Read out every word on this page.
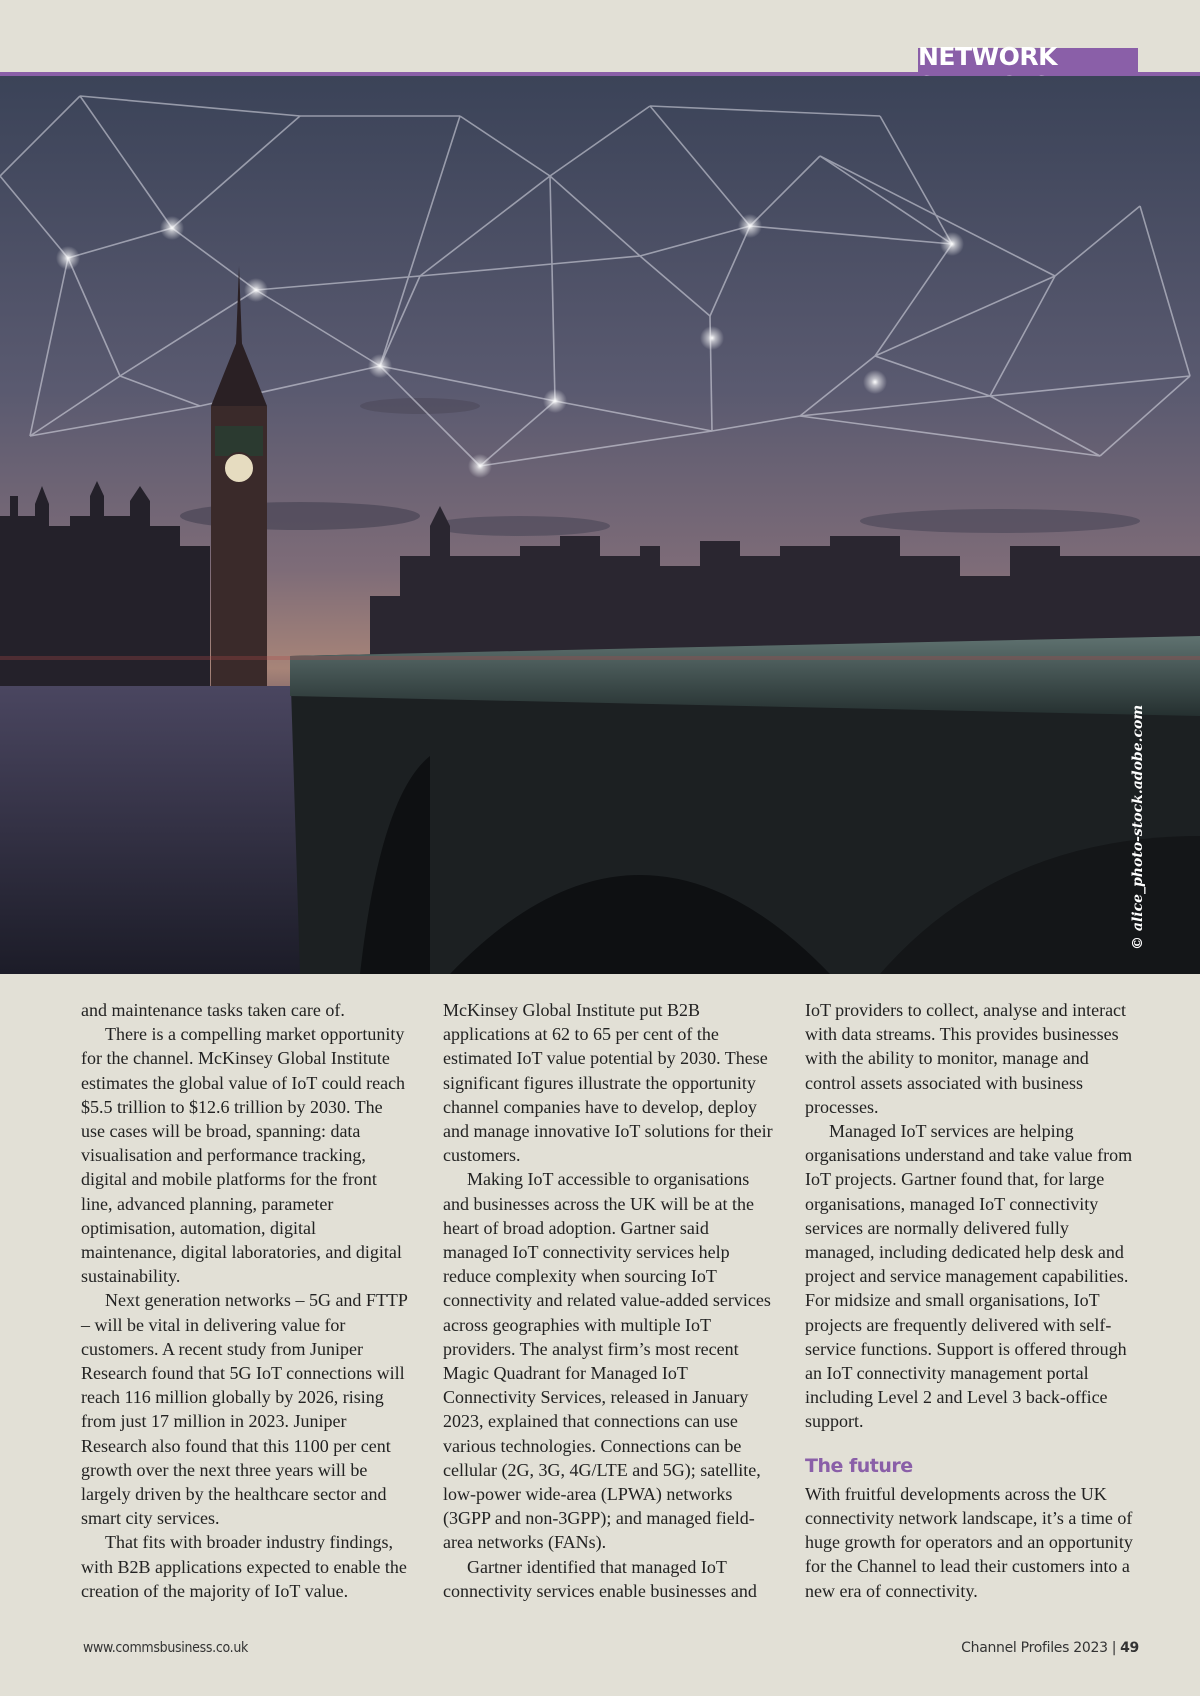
NETWORK
© alice_photo-stock.adobe.com

and maintenance tasks taken care of.

There is a compelling market opportunity for the channel. McKinsey Global Institute estimates the global value of IoT could reach $5.5 trillion to $12.6 trillion by 2030. The use cases will be broad, spanning: data visualisation and performance tracking, digital and mobile platforms for the front line, advanced planning, parameter optimisation, automation, digital maintenance, digital laboratories, and digital sustainability.

Next generation networks – 5G and FTTP – will be vital in delivering value for customers. A recent study from Juniper Research found that 5G IoT connections will reach 116 million globally by 2026, rising from just 17 million in 2023. Juniper Research also found that this 1100 per cent growth over the next three years will be largely driven by the healthcare sector and smart city services.

That fits with broader industry findings, with B2B applications expected to enable the creation of the majority of IoT value.

McKinsey Global Institute put B2B applications at 62 to 65 per cent of the estimated IoT value potential by 2030. These significant figures illustrate the opportunity channel companies have to develop, deploy and manage innovative IoT solutions for their customers.

Making IoT accessible to organisations and businesses across the UK will be at the heart of broad adoption. Gartner said managed IoT connectivity services help reduce complexity when sourcing IoT connectivity and related value-added services across geographies with multiple IoT providers. The analyst firm’s most recent Magic Quadrant for Managed IoT Connectivity Services, released in January 2023, explained that connections can use various technologies. Connections can be cellular (2G, 3G, 4G/LTE and 5G); satellite, low-power wide-area (LPWA) networks (3GPP and non-3GPP); and managed field-area networks (FANs).

Gartner identified that managed IoT connectivity services enable businesses and

IoT providers to collect, analyse and interact with data streams. This provides businesses with the ability to monitor, manage and control assets associated with business processes.

Managed IoT services are helping organisations understand and take value from IoT projects. Gartner found that, for large organisations, managed IoT connectivity services are normally delivered fully managed, including dedicated help desk and project and service management capabilities. For midsize and small organisations, IoT projects are frequently delivered with self-service functions. Support is offered through an IoT connectivity management portal including Level 2 and Level 3 back-office support.

The future

With fruitful developments across the UK connectivity network landscape, it’s a time of huge growth for operators and an opportunity for the Channel to lead their customers into a new era of connectivity.

www.commsbusiness.co.uk	Channel Profiles 2023 | 49
